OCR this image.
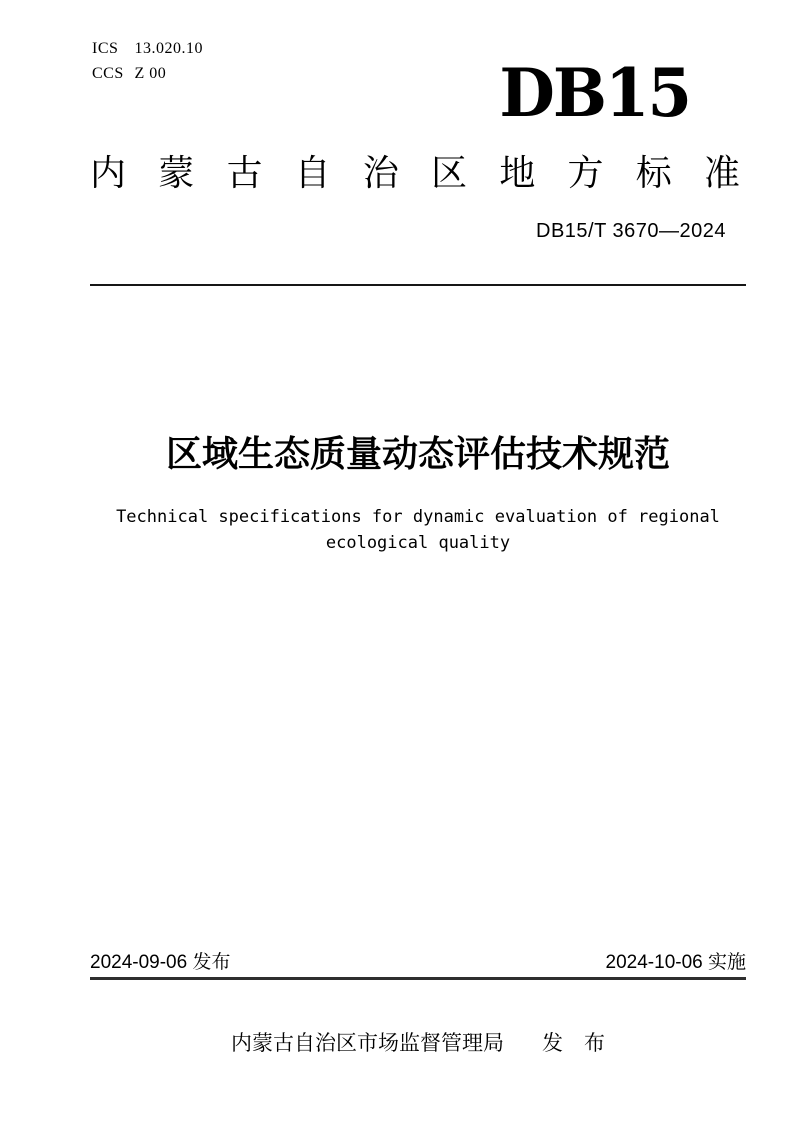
ICS 13.020.10
CCS Z 00	DB15
内 蒙 古 自 治 区 地 方 标 准
DB15/T 3670—2024
区域生态质量动态评估技术规范
Technical specifications for dynamic evaluation of regional ecological quality
2024-09-06 发布	2024-10-06 实施
内蒙古自治区市场监督管理局 发　布
